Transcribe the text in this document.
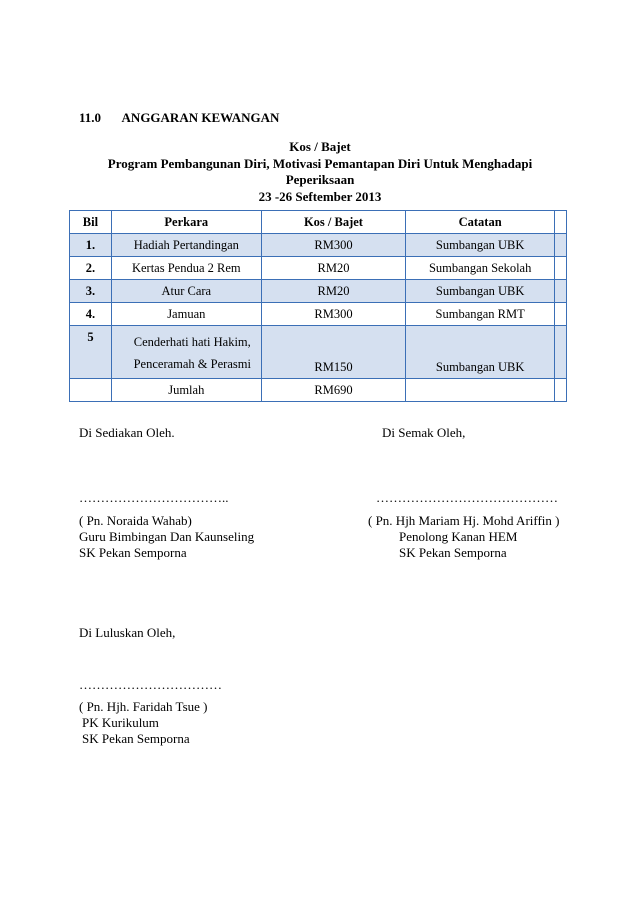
11.0 ANGGARAN KEWANGAN
Kos / Bajet
Program Pembangunan Diri, Motivasi Pemantapan Diri Untuk Menghadapi
Peperiksaan
23 -26 Seftember 2013
Bil	Perkara	Kos / Bajet	Catatan	
1.	Hadiah Pertandingan	RM300	Sumbangan UBK	
2.	Kertas Pendua 2 Rem	RM20	Sumbangan Sekolah	
3.	Atur Cara	RM20	Sumbangan UBK	
4.	Jamuan	RM300	Sumbangan RMT	
5	Cenderhati hati Hakim,
Penceramah & Perasmi	RM150	Sumbangan UBK	
	Jumlah	RM690		
Di Sediakan Oleh.	Di Semak Oleh,
……………………………..	……………………………………
( Pn. Noraida Wahab)
Guru Bimbingan Dan Kaunseling
SK Pekan Semporna
( Pn. Hjh Mariam Hj. Mohd Ariffin )
Penolong Kanan HEM
SK Pekan Semporna
Di Luluskan Oleh,
……………………………
( Pn. Hjh. Faridah Tsue )
PK Kurikulum
SK Pekan Semporna
